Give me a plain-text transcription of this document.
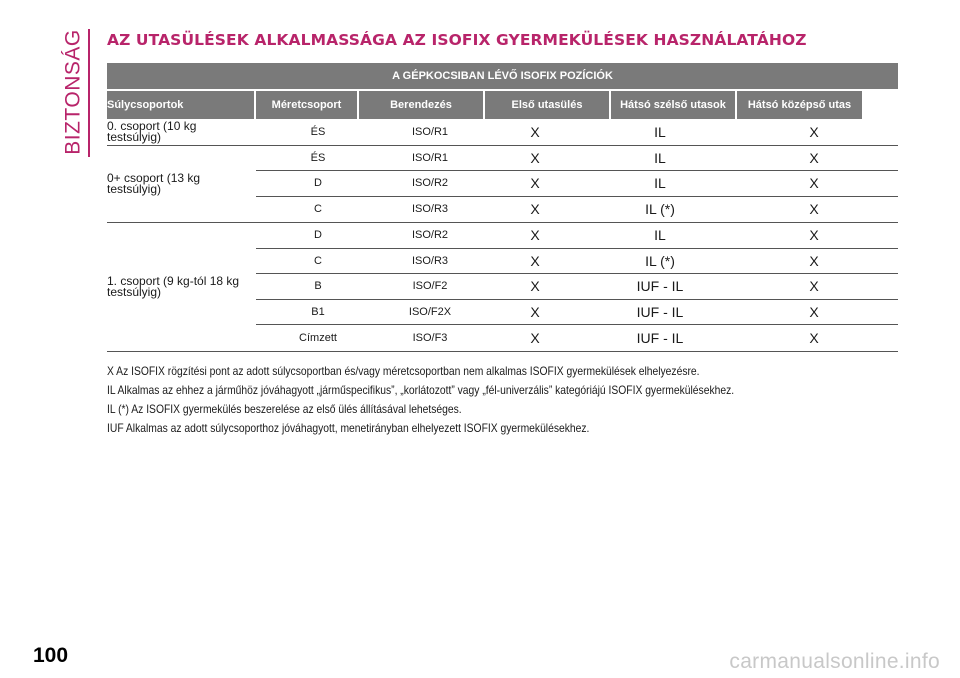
BIZTONSÁG AZ UTASÜLÉSEK ALKALMASSÁGA AZ ISOFIX GYERMEKÜLÉSEK HASZNÁLATÁHOZ
A GÉPKOCSIBAN LÉVŐ ISOFIX POZÍCIÓK
Súlycsoportok	Méretcsoport	Berendezés	Első utasülés	Hátsó szélső utasok	Hátsó középső utas
0. csoport (10 kg testsúlyig)	ÉS	ISO/R1	X	IL	X
0+ csoport (13 kg testsúlyig)
ÉS	ISO/R1	X	IL	X
D	ISO/R2	X	IL	X
C	ISO/R3	X	IL (*)	X
1. csoport (9 kg-tól 18 kg testsúlyig)
D	ISO/R2	X	IL	X
C	ISO/R3	X	IL (*)	X
B	ISO/F2	X	IUF - IL	X
B1	ISO/F2X	X	IUF - IL	X
Címzett	ISO/F3	X	IUF - IL	X
X Az ISOFIX rögzítési pont az adott súlycsoportban és/vagy méretcsoportban nem alkalmas ISOFIX gyermekülések elhelyezésre.
IL Alkalmas az ehhez a járműhöz jóváhagyott „járműspecifikus”, „korlátozott” vagy „fél-univerzális” kategóriájú ISOFIX gyermekülésekhez.
IL (*) Az ISOFIX gyermekülés beszerelése az első ülés állításával lehetséges.
IUF Alkalmas az adott súlycsoporthoz jóváhagyott, menetirányban elhelyezett ISOFIX gyermekülésekhez.
100	carmanualsonline.info
